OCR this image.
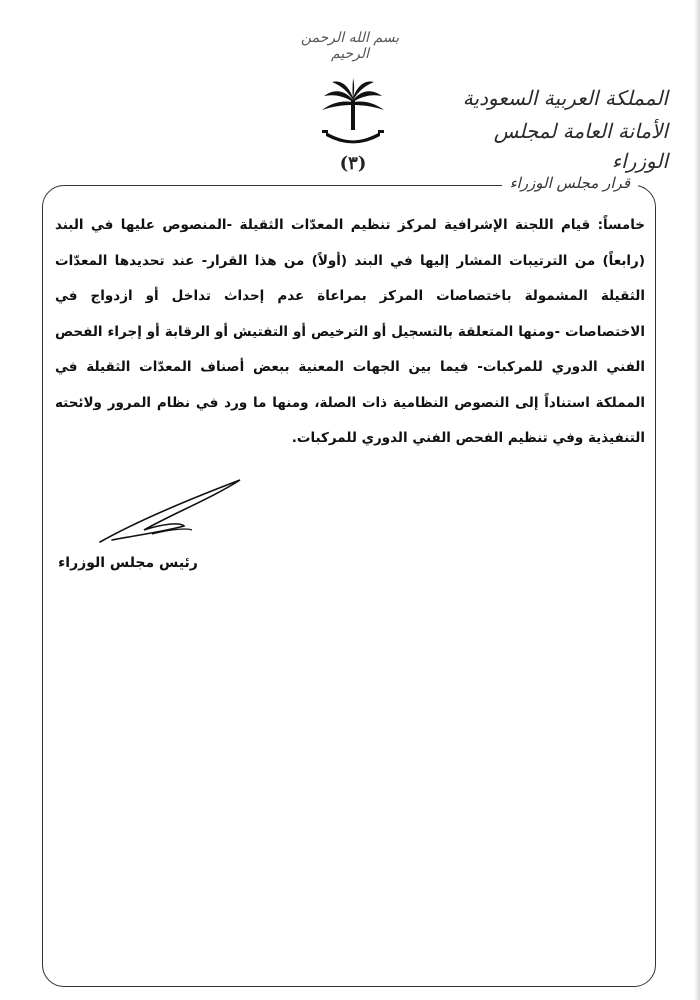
بسم الله الرحمن الرحيم
(٣)
المملكة العربية السعودية
الأمانة العامة لمجلس الوزراء
قرار مجلس الوزراء
خامساً: قيام اللجنة الإشرافية لمركز تنظيم المعدّات الثقيلة -المنصوص عليها في البند (رابعاً) من الترتيبات المشار إليها في البند (أولاً) من هذا القرار- عند تحديدها المعدّات الثقيلة المشمولة باختصاصات المركز بمراعاة عدم إحداث تداخل أو ازدواج في الاختصاصات -ومنها المتعلقة بالتسجيل أو الترخيص أو التفتيش أو الرقابة أو إجراء الفحص الفني الدوري للمركبات- فيما بين الجهات المعنية ببعض أصناف المعدّات الثقيلة في المملكة استناداً إلى النصوص النظامية ذات الصلة، ومنها ما ورد في نظام المرور ولائحته التنفيذية وفي تنظيم الفحص الفني الدوري للمركبات.
رئيس مجلس الوزراء
